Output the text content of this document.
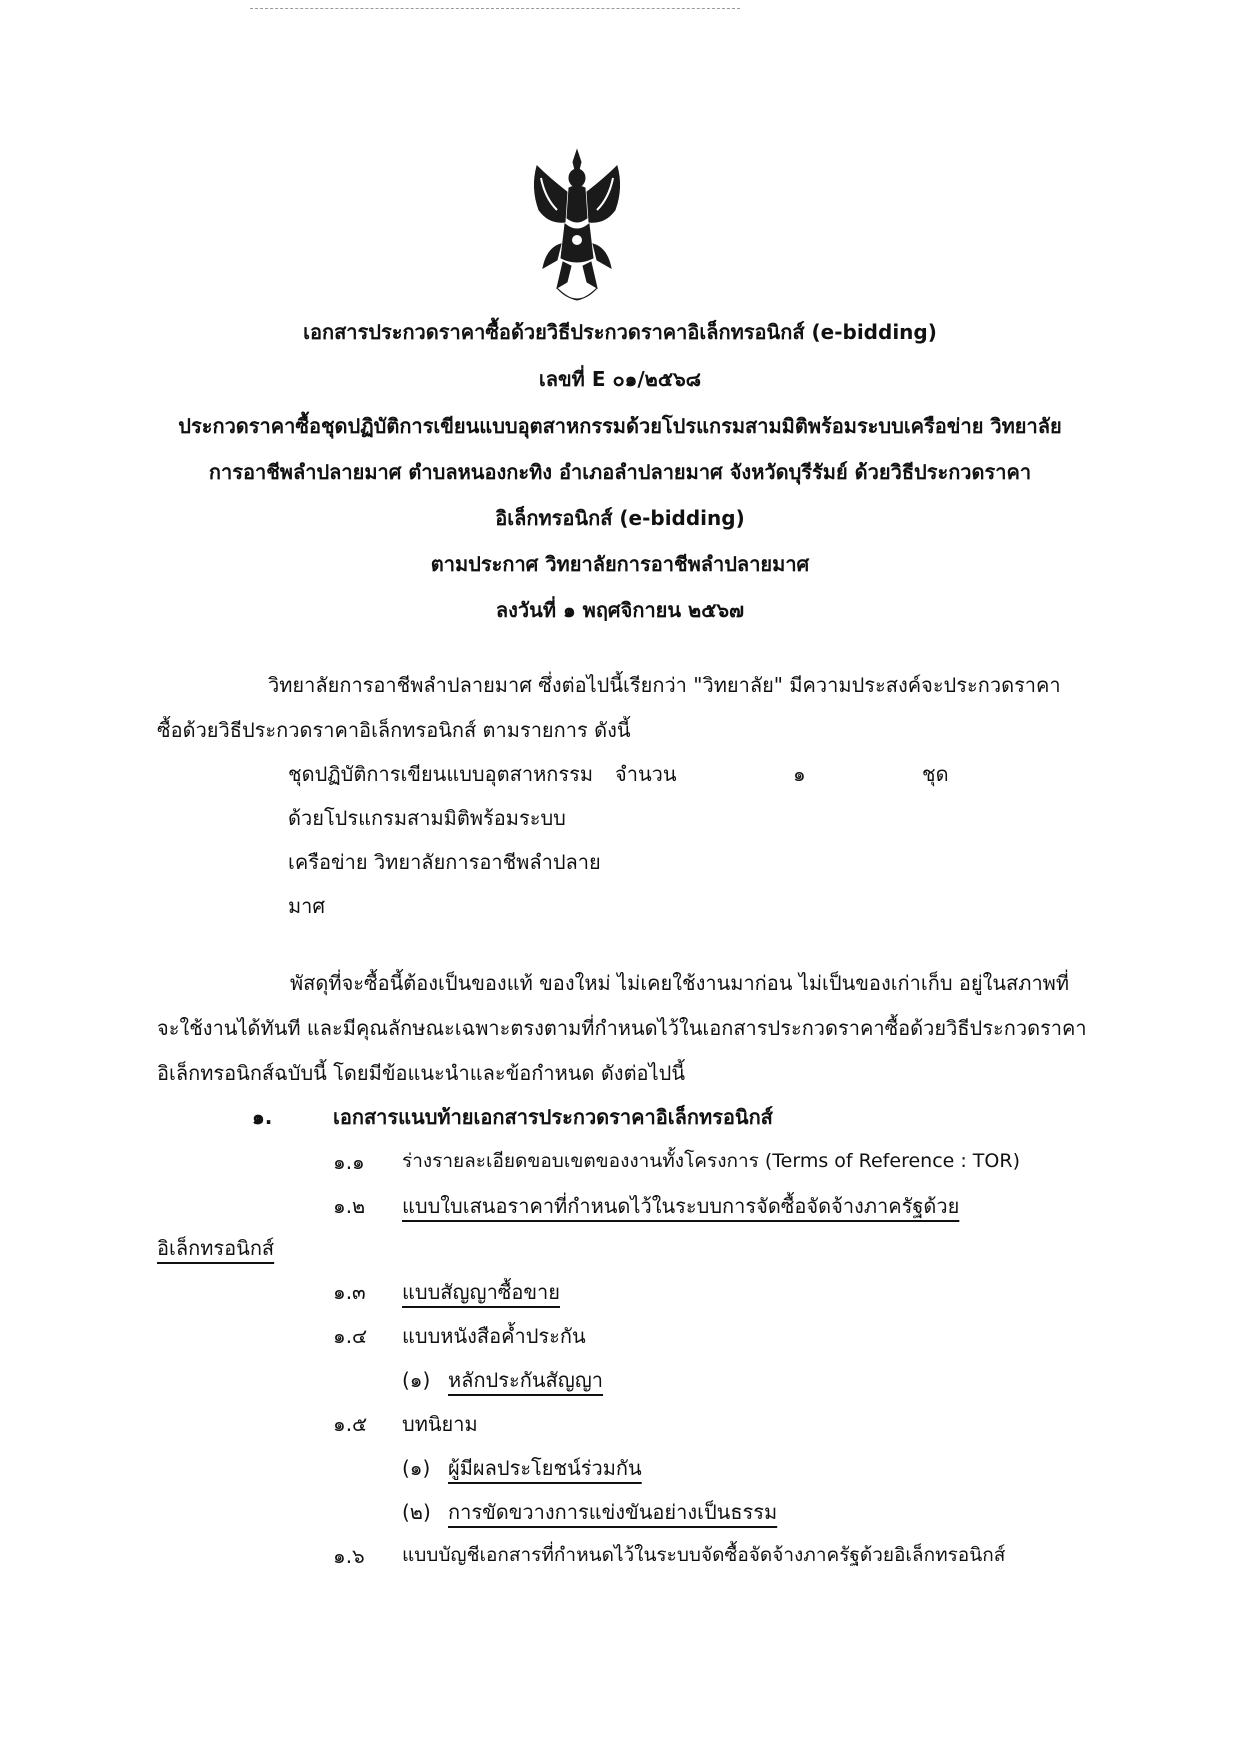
เอกสารประกวดราคาซื้อด้วยวิธีประกวดราคาอิเล็กทรอนิกส์ (e-bidding)
เลขที่ E ๐๑/๒๕๖๘
ประกวดราคาซื้อชุดปฏิบัติการเขียนแบบอุตสาหกรรมด้วยโปรแกรมสามมิติพร้อมระบบเครือข่าย วิทยาลัย
การอาชีพลำปลายมาศ ตำบลหนองกะทิง อำเภอลำปลายมาศ จังหวัดบุรีรัมย์ ด้วยวิธีประกวดราคา
อิเล็กทรอนิกส์ (e-bidding)
ตามประกาศ วิทยาลัยการอาชีพลำปลายมาศ
ลงวันที่ ๑ พฤศจิกายน ๒๕๖๗
วิทยาลัยการอาชีพลำปลายมาศ ซึ่งต่อไปนี้เรียกว่า "วิทยาลัย" มีความประสงค์จะประกวดราคา
ซื้อด้วยวิธีประกวดราคาอิเล็กทรอนิกส์ ตามรายการ ดังนี้
ชุดปฏิบัติการเขียนแบบอุตสาหกรรม
ด้วยโปรแกรมสามมิติพร้อมระบบ
เครือข่าย วิทยาลัยการอาชีพลำปลาย
มาศ
จำนวน	๑	ชุด
พัสดุที่จะซื้อนี้ต้องเป็นของแท้ ของใหม่ ไม่เคยใช้งานมาก่อน ไม่เป็นของเก่าเก็บ อยู่ในสภาพที่
จะใช้งานได้ทันที และมีคุณลักษณะเฉพาะตรงตามที่กำหนดไว้ในเอกสารประกวดราคาซื้อด้วยวิธีประกวดราคา
อิเล็กทรอนิกส์ฉบับนี้ โดยมีข้อแนะนำและข้อกำหนด ดังต่อไปนี้
๑.	เอกสารแนบท้ายเอกสารประกวดราคาอิเล็กทรอนิกส์
๑.๑ ร่างรายละเอียดขอบเขตของงานทั้งโครงการ (Terms of Reference : TOR)
๑.๒ แบบใบเสนอราคาที่กำหนดไว้ในระบบการจัดซื้อจัดจ้างภาครัฐด้วย
อิเล็กทรอนิกส์
๑.๓ แบบสัญญาซื้อขาย
๑.๔ แบบหนังสือค้ำประกัน
(๑) หลักประกันสัญญา
๑.๕ บทนิยาม
(๑) ผู้มีผลประโยชน์ร่วมกัน
(๒) การขัดขวางการแข่งขันอย่างเป็นธรรม
๑.๖ แบบบัญชีเอกสารที่กำหนดไว้ในระบบจัดซื้อจัดจ้างภาครัฐด้วยอิเล็กทรอนิกส์
